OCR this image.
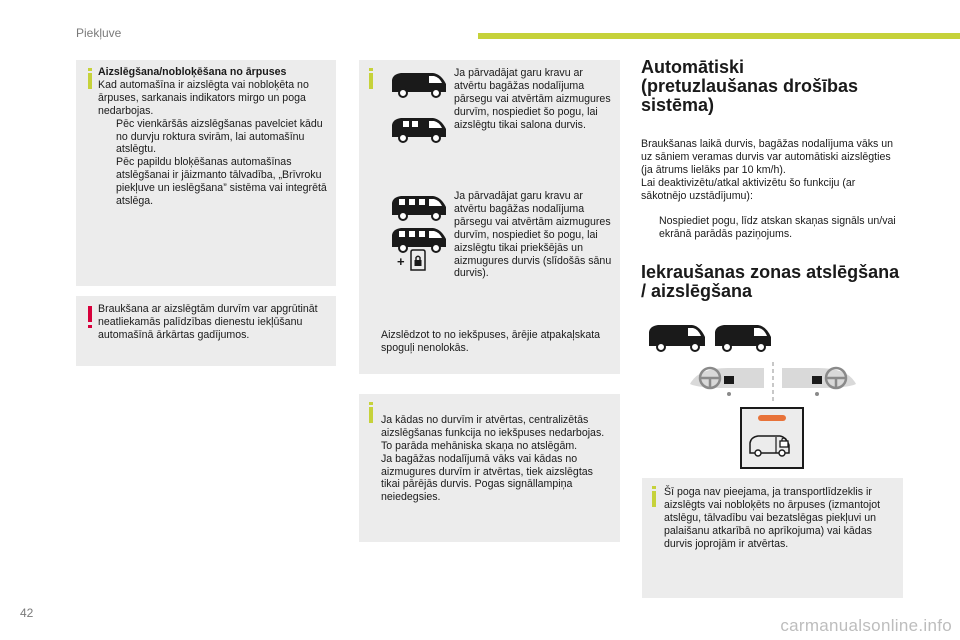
Piekļuve

Aizslēgšana/nobloķēšana no ārpuses

Kad automašīna ir aizslēgta vai nobloķēta no ārpuses, sarkanais indikators mirgo un poga nedarbojas.

Pēc vienkāršās aizslēgšanas pavelciet kādu no durvju roktura svirām, lai automašīnu atslēgtu.
Pēc papildu bloķēšanas automašīnas atslēgšanai ir jāizmanto tālvadība, „Brīvroku piekļuve un ieslēgšana” sistēma vai integrētā atslēga.

Braukšana ar aizslēgtām durvīm var apgrūtināt neatliekamās palīdzības dienestu iekļūšanu automašīnā ārkārtas gadījumos.

Ja pārvadājat garu kravu ar atvērtu bagāžas nodalījuma pārsegu vai atvērtām aizmugures durvīm, nospiediet šo pogu, lai aizslēgtu tikai salona durvis.

+

Ja pārvadājat garu kravu ar atvērtu bagāžas nodalījuma pārsegu vai atvērtām aizmugures durvīm, nospiediet šo pogu, lai aizslēgtu tikai priekšējās un aizmugures durvis (slīdošās sānu durvis).

Aizslēdzot to no iekšpuses, ārējie atpakaļskata spoguļi nenolokās.

Ja kādas no durvīm ir atvērtas, centralizētās aizslēgšanas funkcija no iekšpuses nedarbojas. To parāda mehāniska skaņa no atslēgām.
Ja bagāžas nodalījumā vāks vai kādas no aizmugures durvīm ir atvērtas, tiek aizslēgtas tikai pārējās durvis. Pogas signāllampiņa neiedegsies.

Automātiski (pretuzlaušanas drošības sistēma)

Braukšanas laikā durvis, bagāžas nodalījuma vāks un uz sāniem veramas durvis var automātiski aizslēgties (ja ātrums lielāks par 10 km/h).
Lai deaktivizētu/atkal aktivizētu šo funkciju (ar sākotnējo uzstādījumu):

Nospiediet pogu, līdz atskan skaņas signāls un/vai ekrānā parādās paziņojums.

Iekraušanas zonas atslēgšana / aizslēgšana

Šī poga nav pieejama, ja transportlīdzeklis ir aizslēgts vai nobloķēts no ārpuses (izmantojot atslēgu, tālvadību vai bezatslēgas piekļuvi un palaišanu atkarībā no aprīkojuma) vai kādas durvis joprojām ir atvērtas.

42
carmanualsonline.info
